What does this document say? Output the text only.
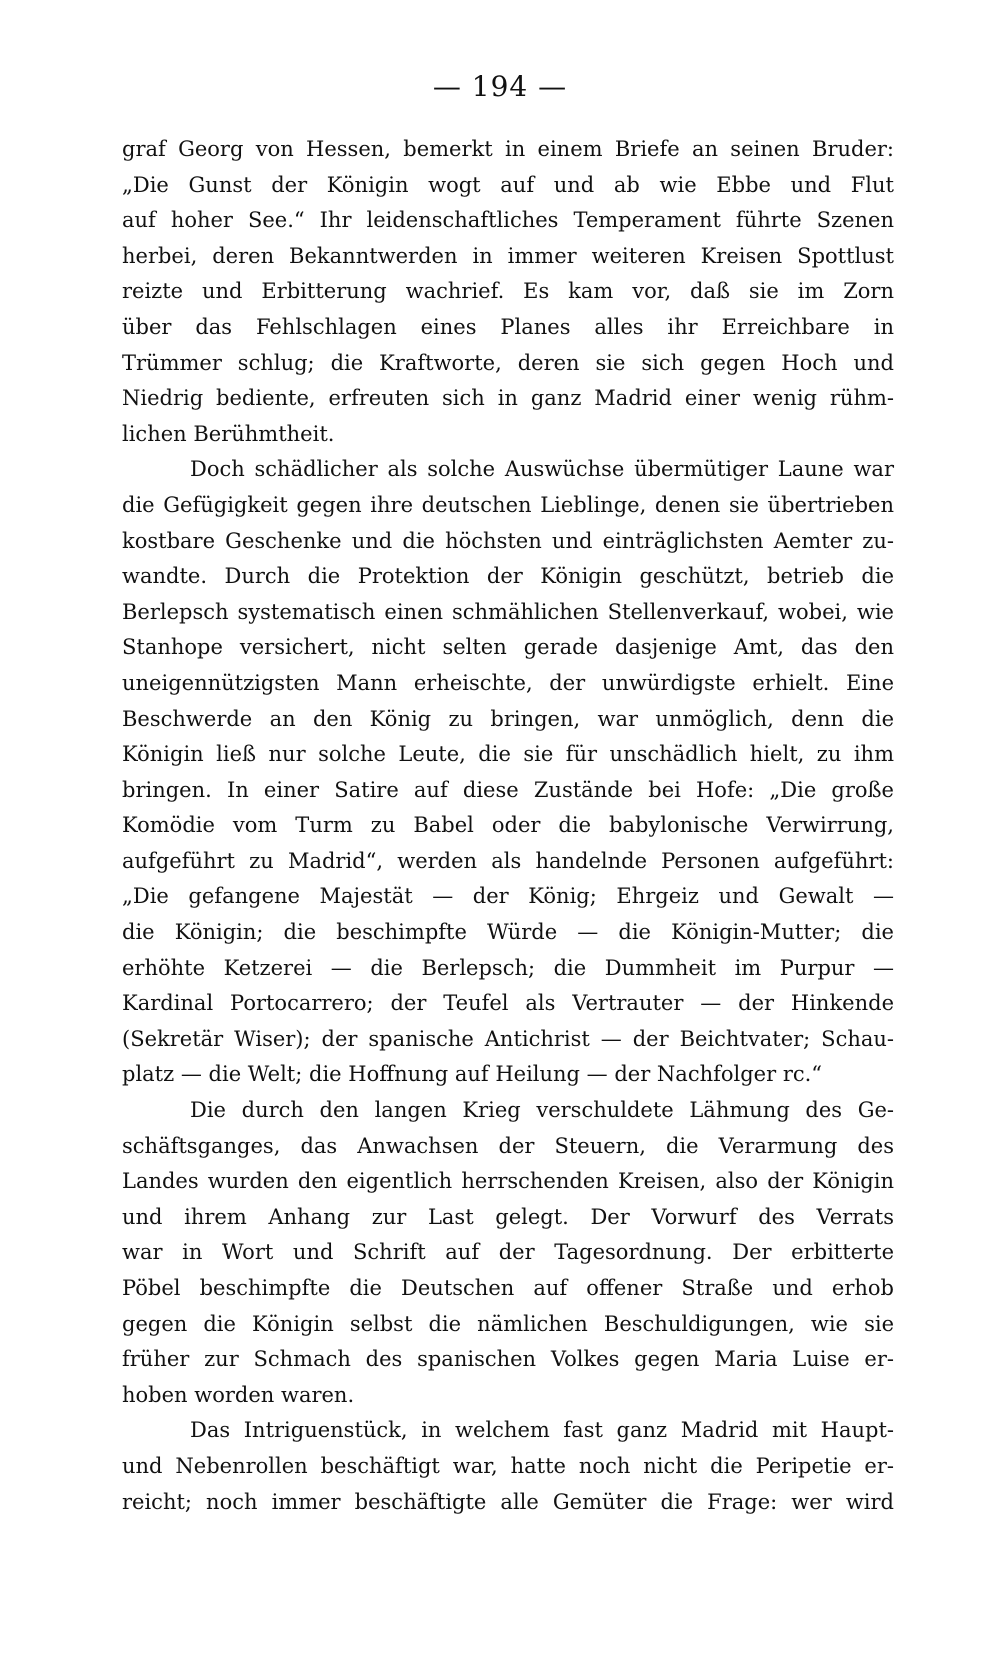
— 194 —
graf Georg von Hessen, bemerkt in einem Briefe an seinen Bruder:
„Die Gunst der Königin wogt auf und ab wie Ebbe und Flut
auf hoher See.“ Ihr leidenschaftliches Temperament führte Szenen
herbei, deren Bekanntwerden in immer weiteren Kreisen Spottlust
reizte und Erbitterung wachrief. Es kam vor, daß sie im Zorn
über das Fehlschlagen eines Planes alles ihr Erreichbare in
Trümmer schlug; die Kraftworte, deren sie sich gegen Hoch und
Niedrig bediente, erfreuten sich in ganz Madrid einer wenig rühm-
lichen Berühmtheit.
Doch schädlicher als solche Auswüchse übermütiger Laune war
die Gefügigkeit gegen ihre deutschen Lieblinge, denen sie übertrieben
kostbare Geschenke und die höchsten und einträglichsten Aemter zu-
wandte. Durch die Protektion der Königin geschützt, betrieb die
Berlepsch systematisch einen schmählichen Stellenverkauf, wobei, wie
Stanhope versichert, nicht selten gerade dasjenige Amt, das den
uneigennützigsten Mann erheischte, der unwürdigste erhielt. Eine
Beschwerde an den König zu bringen, war unmöglich, denn die
Königin ließ nur solche Leute, die sie für unschädlich hielt, zu ihm
bringen. In einer Satire auf diese Zustände bei Hofe: „Die große
Komödie vom Turm zu Babel oder die babylonische Verwirrung,
aufgeführt zu Madrid“, werden als handelnde Personen aufgeführt:
„Die gefangene Majestät — der König; Ehrgeiz und Gewalt —
die Königin; die beschimpfte Würde — die Königin-Mutter; die
erhöhte Ketzerei — die Berlepsch; die Dummheit im Purpur —
Kardinal Portocarrero; der Teufel als Vertrauter — der Hinkende
(Sekretär Wiser); der spanische Antichrist — der Beichtvater; Schau-
platz — die Welt; die Hoffnung auf Heilung — der Nachfolger rc.“
Die durch den langen Krieg verschuldete Lähmung des Ge-
schäftsganges, das Anwachsen der Steuern, die Verarmung des
Landes wurden den eigentlich herrschenden Kreisen, also der Königin
und ihrem Anhang zur Last gelegt. Der Vorwurf des Verrats
war in Wort und Schrift auf der Tagesordnung. Der erbitterte
Pöbel beschimpfte die Deutschen auf offener Straße und erhob
gegen die Königin selbst die nämlichen Beschuldigungen, wie sie
früher zur Schmach des spanischen Volkes gegen Maria Luise er-
hoben worden waren.
Das Intriguenstück, in welchem fast ganz Madrid mit Haupt-
und Nebenrollen beschäftigt war, hatte noch nicht die Peripetie er-
reicht; noch immer beschäftigte alle Gemüter die Frage: wer wird
